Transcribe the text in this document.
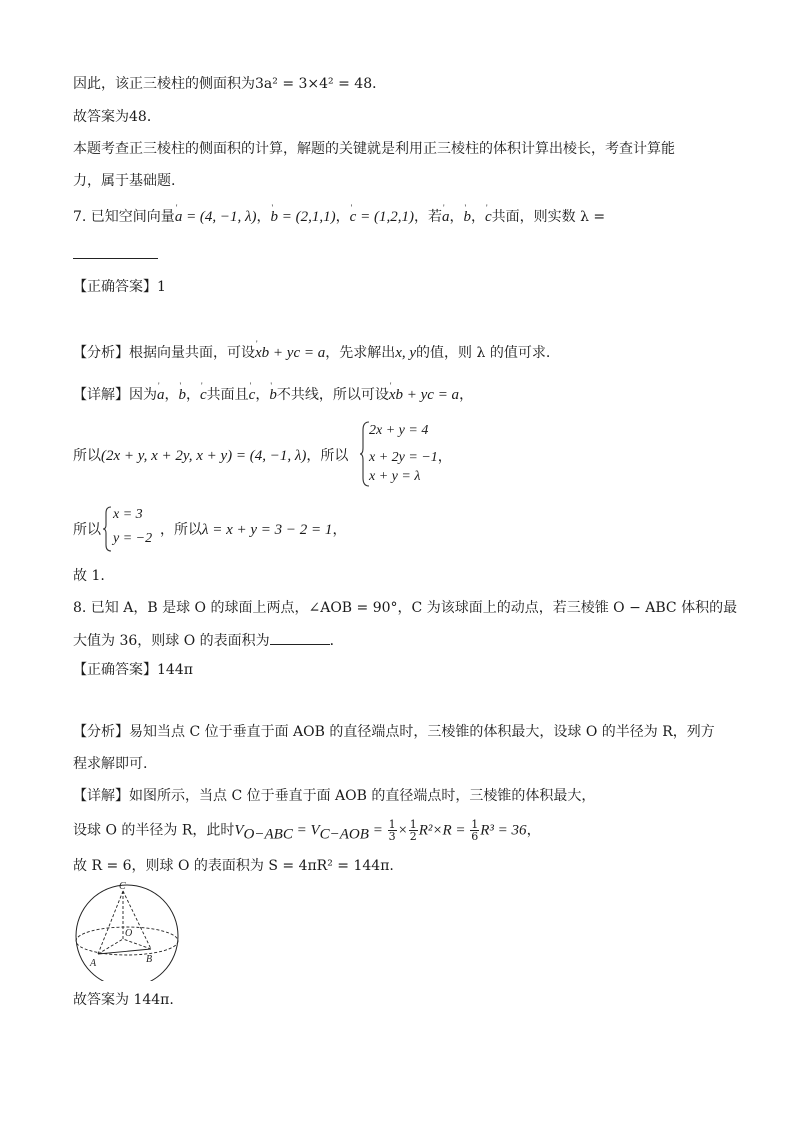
因此，该正三棱柱的侧面积为3a² = 3×4² = 48．
故答案为48．
本题考查正三棱柱的侧面积的计算，解题的关键就是利用正三棱柱的体积计算出棱长，考查计算能
力，属于基础题.
7. 已知空间向量' a = (4, −1, λ)，' b = (2,1,1)，' c = (1,2,1)，若' a，' b，' c共面，则实数 λ =
【正确答案】1
【分析】根据向量共面，可设' xb + yc = a，先求解出x, y的值，则 λ 的值可求.
【详解】因为' a，' b，' c共面且' c，' b不共线，所以可设' xb + yc = a，
所以(2x + y, x + 2y, x + y) = (4, −1, λ)，所以
2x + y = 4
x + 2y = −1，
x + y = λ
所以
x = 3
y = −2
，所以λ = x + y = 3 − 2 = 1，
故 1.
8. 已知 A，B 是球 O 的球面上两点，∠AOB = 90°，C 为该球面上的动点，若三棱锥 O − ABC 体积的最
大值为 36，则球 O 的表面积为	．
【正确答案】144π
【分析】易知当点 C 位于垂直于面 AOB 的直径端点时，三棱锥的体积最大，设球 O 的半径为 R，列方
程求解即可.
【详解】如图所示，当点 C 位于垂直于面 AOB 的直径端点时，三棱锥的体积最大，
设球 O 的半径为 R，此时$V_{O-ABC} = V_{C-AOB} = \frac{1}{3} \times \frac{1}{2} R^2\times R = \frac{1}{6} R^3 = 36$，
故 R = 6，则球 O 的表面积为 S = 4πR² = 144π.
C
O
A	B
故答案为 144π.
